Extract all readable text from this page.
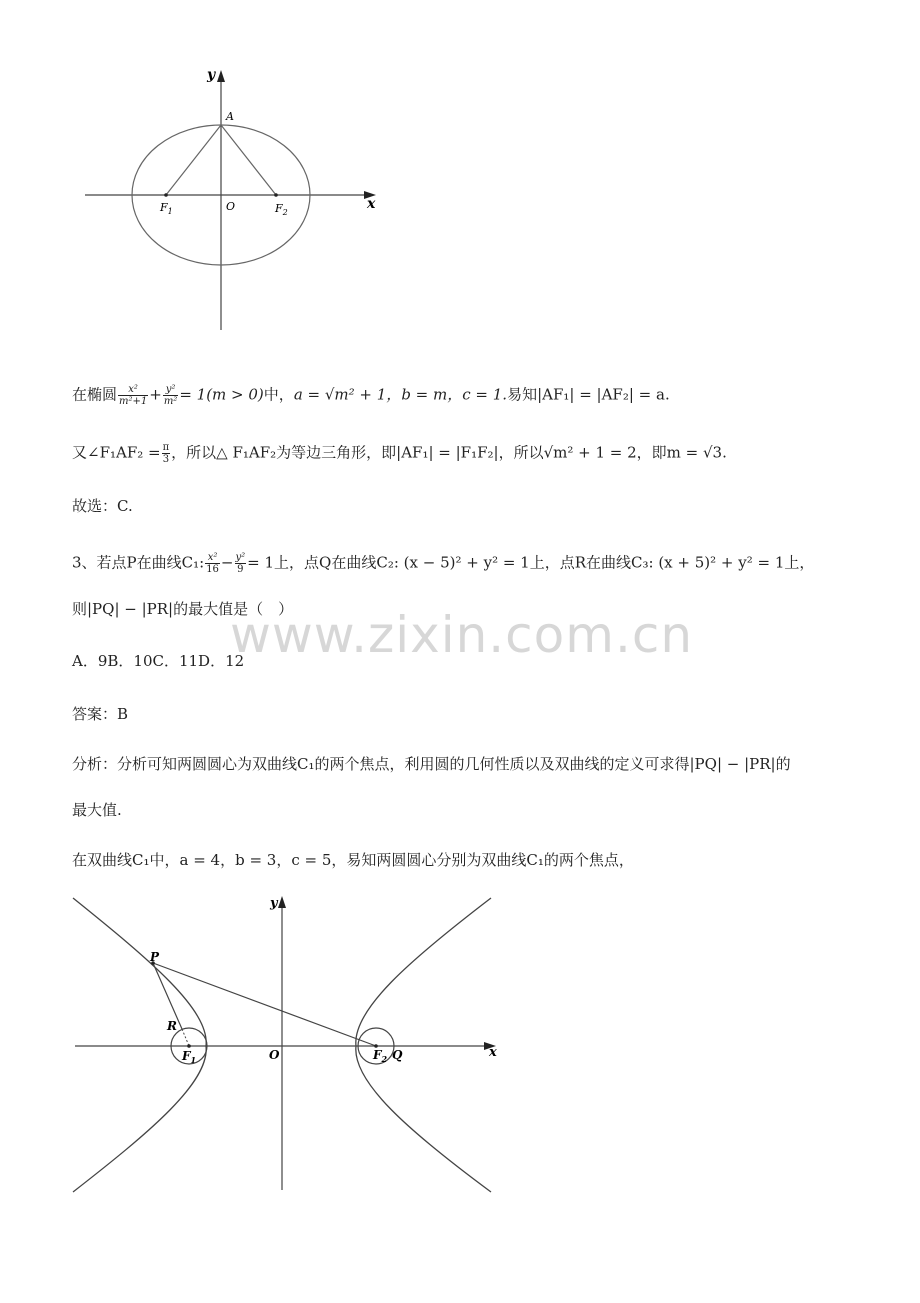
x
y
A
O
$F_1$	$F_2$
在椭圆 $\frac{\text{x²}}{\text{m²+1}} + \frac{\text{y²}}{\text{m²}} = 1(m > 0)$中，a = √m² + 1，b = m，c = 1.易知|AF₁| = |AF₂| = a.
又∠F₁AF₂ = $\frac{\pi}{3}$ ，所以△ F₁AF₂为等边三角形，即|AF₁| = |F₁F₂|，所以√m² + 1 = 2，即m = √3.
故选：C.
3、若点P在曲线C₁: $\frac{\text{x²}}{16} - \frac{\text{y²}}{9} = 1$上，点Q在曲线C₂: (x − 5)² + y² = 1上，点R在曲线C₃: (x + 5)² + y² = 1上，
则|PQ| − |PR|的最大值是（　）
www.zixin.com.cn
A．9B．10C．11D．12
答案：B
分析：分析可知两圆圆心为双曲线C₁的两个焦点，利用圆的几何性质以及双曲线的定义可求得|PQ| − |PR|的
最大值.
在双曲线C₁中，a = 4，b = 3，c = 5，易知两圆圆心分别为双曲线C₁的两个焦点，
x
y
O
P
R
Q
$F_1$	$F_2$
